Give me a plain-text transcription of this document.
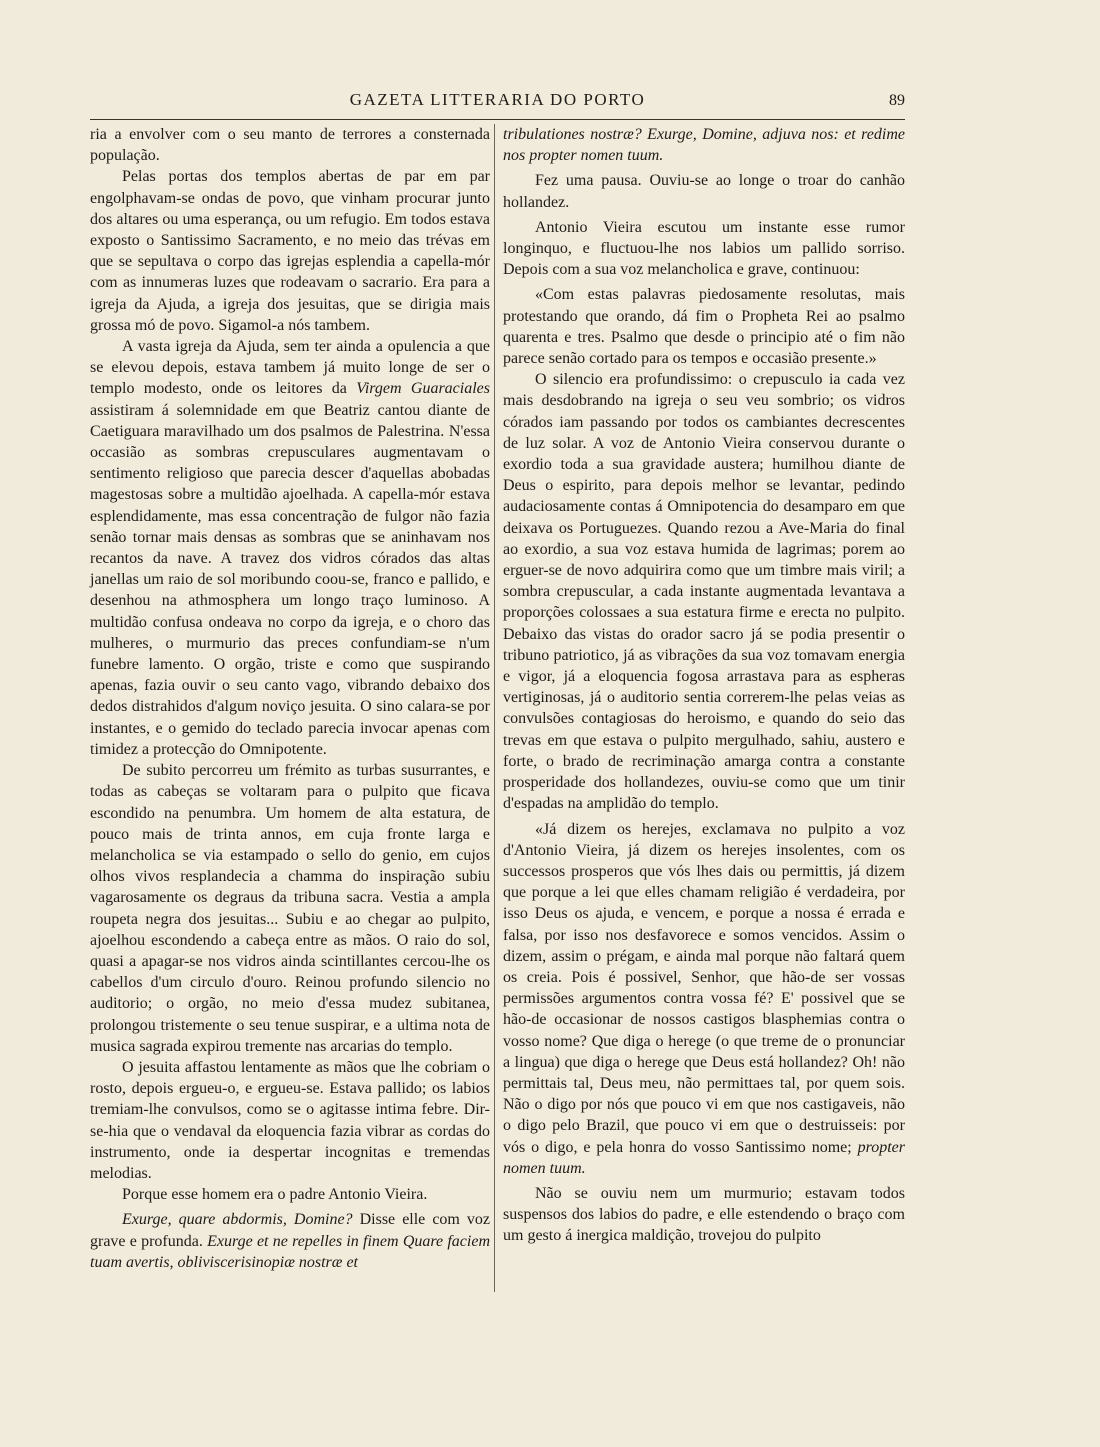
GAZETA LITTERARIA DO PORTO	89

ria a envolver com o seu manto de terrores a consternada população.

Pelas portas dos templos abertas de par em par engolphavam-se ondas de povo, que vinham procurar junto dos altares ou uma esperança, ou um refugio. Em todos estava exposto o Santissimo Sacramento, e no meio das trévas em que se sepultava o corpo das igrejas esplendia a capella-mór com as innumeras luzes que rodeavam o sacrario. Era para a igreja da Ajuda, a igreja dos jesuitas, que se dirigia mais grossa mó de povo. Sigamol-a nós tambem.

A vasta igreja da Ajuda, sem ter ainda a opulencia a que se elevou depois, estava tambem já muito longe de ser o templo modesto, onde os leitores da Virgem Guaraciales assistiram á solemnidade em que Beatriz cantou diante de Caetiguara maravilhado um dos psalmos de Palestrina. N'essa occasião as sombras crepusculares augmentavam o sentimento religioso que parecia descer d'aquellas abobadas magestosas sobre a multidão ajoelhada. A capella-mór estava esplendidamente, mas essa concentração de fulgor não fazia senão tornar mais densas as sombras que se aninhavam nos recantos da nave. A travez dos vidros córados das altas janellas um raio de sol moribundo coou-se, franco e pallido, e desenhou na athmosphera um longo traço luminoso. A multidão confusa ondeava no corpo da igreja, e o choro das mulheres, o murmurio das preces confundiam-se n'um funebre lamento. O orgão, triste e como que suspirando apenas, fazia ouvir o seu canto vago, vibrando debaixo dos dedos distrahidos d'algum noviço jesuita. O sino calara-se por instantes, e o gemido do teclado parecia invocar apenas com timidez a protecção do Omnipotente.

De subito percorreu um frémito as turbas susurrantes, e todas as cabeças se voltaram para o pulpito que ficava escondido na penumbra. Um homem de alta estatura, de pouco mais de trinta annos, em cuja fronte larga e melancholica se via estampado o sello do genio, em cujos olhos vivos resplandecia a chamma do inspiração subiu vagarosamente os degraus da tribuna sacra. Vestia a ampla roupeta negra dos jesuitas... Subiu e ao chegar ao pulpito, ajoelhou escondendo a cabeça entre as mãos. O raio do sol, quasi a apagar-se nos vidros ainda scintillantes cercou-lhe os cabellos d'um circulo d'ouro. Reinou profundo silencio no auditorio; o orgão, no meio d'essa mudez subitanea, prolongou tristemente o seu tenue suspirar, e a ultima nota de musica sagrada expirou tremente nas arcarias do templo.

O jesuita affastou lentamente as mãos que lhe cobriam o rosto, depois ergueu-o, e ergueu-se. Estava pallido; os labios tremiam-lhe convulsos, como se o agitasse intima febre. Dir-se-hia que o vendaval da eloquencia fazia vibrar as cordas do instrumento, onde ia despertar incognitas e tremendas melodias.

Porque esse homem era o padre Antonio Vieira.

Exurge, quare abdormis, Domine? Disse elle com voz grave e profunda. Exurge et ne repelles in finem Quare faciem tuam avertis, obliviscerisinopiæ nostræ et

tribulationes nostræ? Exurge, Domine, adjuva nos: et redime nos propter nomen tuum.

Fez uma pausa. Ouviu-se ao longe o troar do canhão hollandez.

Antonio Vieira escutou um instante esse rumor longinquo, e fluctuou-lhe nos labios um pallido sorriso. Depois com a sua voz melancholica e grave, continuou:

«Com estas palavras piedosamente resolutas, mais protestando que orando, dá fim o Propheta Rei ao psalmo quarenta e tres. Psalmo que desde o principio até o fim não parece senão cortado para os tempos e occasião presente.»

O silencio era profundissimo: o crepusculo ia cada vez mais desdobrando na igreja o seu veu sombrio; os vidros córados iam passando por todos os cambiantes decrescentes de luz solar. A voz de Antonio Vieira conservou durante o exordio toda a sua gravidade austera; humilhou diante de Deus o espirito, para depois melhor se levantar, pedindo audaciosamente contas á Omnipotencia do desamparo em que deixava os Portuguezes. Quando rezou a Ave-Maria do final ao exordio, a sua voz estava humida de lagrimas; porem ao erguer-se de novo adquirira como que um timbre mais viril; a sombra crepuscular, a cada instante augmentada levantava a proporções colossaes a sua estatura firme e erecta no pulpito. Debaixo das vistas do orador sacro já se podia presentir o tribuno patriotico, já as vibrações da sua voz tomavam energia e vigor, já a eloquencia fogosa arrastava para as espheras vertiginosas, já o auditorio sentia correrem-lhe pelas veias as convulsões contagiosas do heroismo, e quando do seio das trevas em que estava o pulpito mergulhado, sahiu, austero e forte, o brado de recriminação amarga contra a constante prosperidade dos hollandezes, ouviu-se como que um tinir d'espadas na amplidão do templo.

«Já dizem os herejes, exclamava no pulpito a voz d'Antonio Vieira, já dizem os herejes insolentes, com os successos prosperos que vós lhes dais ou permittis, já dizem que porque a lei que elles chamam religião é verdadeira, por isso Deus os ajuda, e vencem, e porque a nossa é errada e falsa, por isso nos desfavorece e somos vencidos. Assim o dizem, assim o prégam, e ainda mal porque não faltará quem os creia. Pois é possivel, Senhor, que hão-de ser vossas permissões argumentos contra vossa fé? E' possivel que se hão-de occasionar de nossos castigos blasphemias contra o vosso nome? Que diga o herege (o que treme de o pronunciar a lingua) que diga o herege que Deus está hollandez? Oh! não permittais tal, Deus meu, não permittaes tal, por quem sois. Não o digo por nós que pouco vi em que nos castigaveis, não o digo pelo Brazil, que pouco vi em que o destruisseis: por vós o digo, e pela honra do vosso Santissimo nome; propter nomen tuum.

Não se ouviu nem um murmurio; estavam todos suspensos dos labios do padre, e elle estendendo o braço com um gesto á inergica maldição, trovejou do pulpito
